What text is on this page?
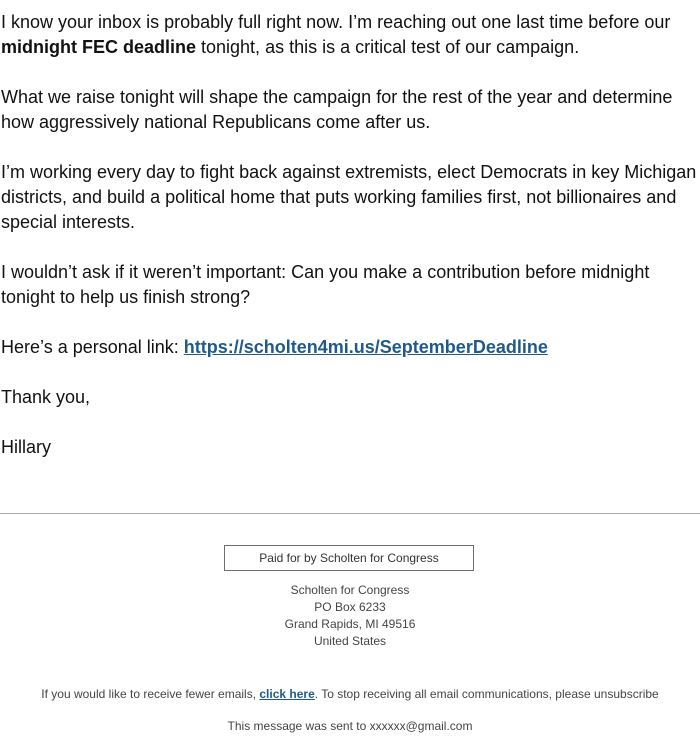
I know your inbox is probably full right now. I’m reaching out one last time before our midnight FEC deadline tonight, as this is a critical test of our campaign.

What we raise tonight will shape the campaign for the rest of the year and determine how aggressively national Republicans come after us.

I’m working every day to fight back against extremists, elect Democrats in key Michigan districts, and build a political home that puts working families first, not billionaires and special interests.

I wouldn’t ask if it weren’t important: Can you make a contribution before midnight tonight to help us finish strong?

Here’s a personal link: https://scholten4mi.us/SeptemberDeadline

Thank you,

Hillary

Paid for by Scholten for Congress
Scholten for Congress
PO Box 6233
Grand Rapids, MI 49516
United States
If you would like to receive fewer emails, click here. To stop receiving all email communications, please unsubscribe
This message was sent to xxxxxx@gmail.com
